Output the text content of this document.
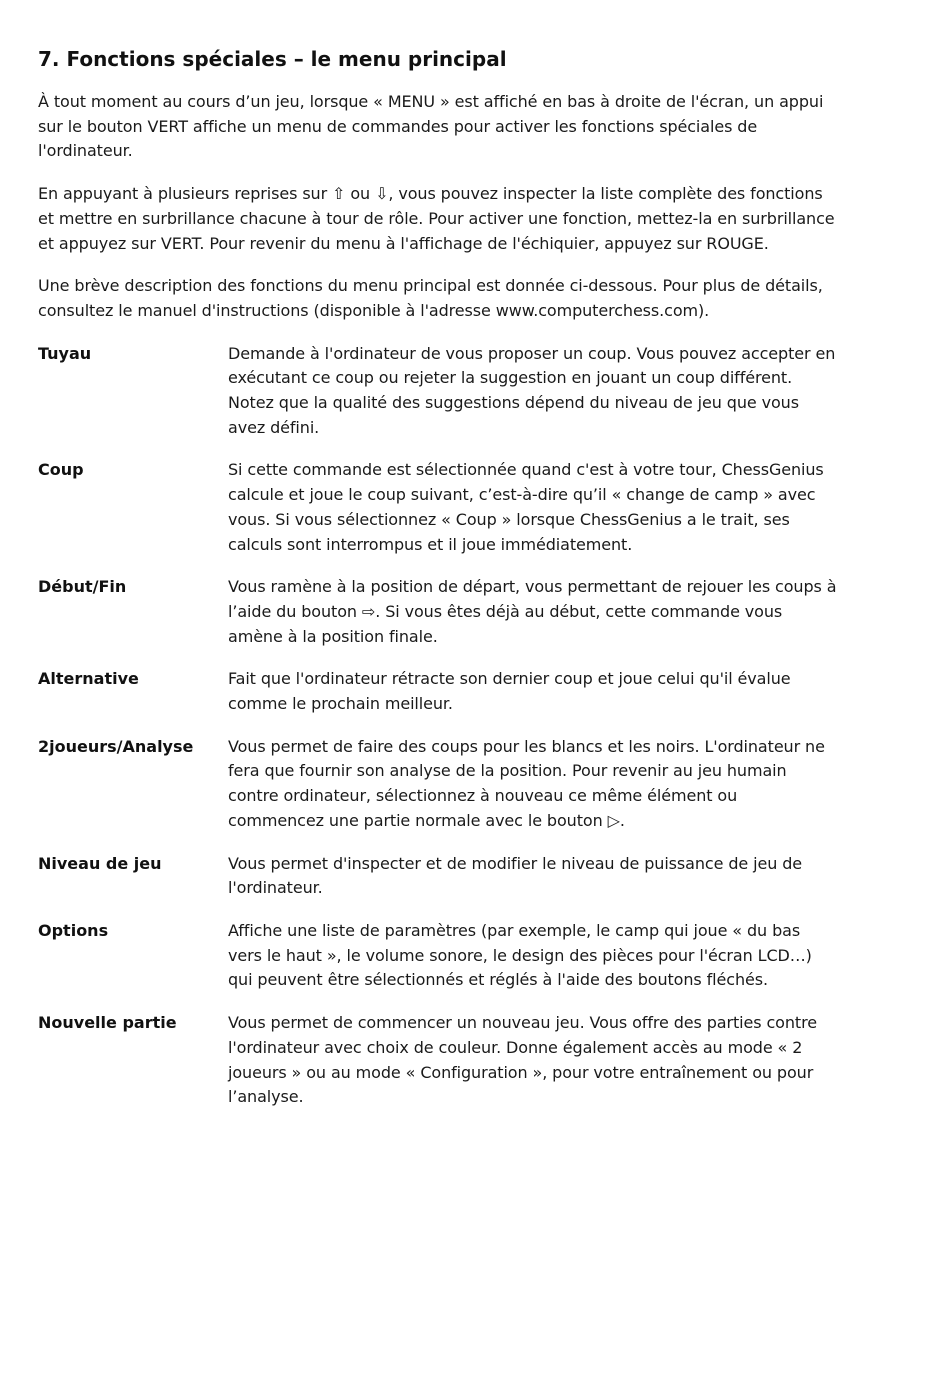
7. Fonctions spéciales – le menu principal

À tout moment au cours d’un jeu, lorsque « MENU » est affiché en bas à droite de l'écran, un appui sur le bouton VERT affiche un menu de commandes pour activer les fonctions spéciales de l'ordinateur.

En appuyant à plusieurs reprises sur ⇧ ou ⇩, vous pouvez inspecter la liste complète des fonctions et mettre en surbrillance chacune à tour de rôle. Pour activer une fonction, mettez-la en surbrillance et appuyez sur VERT. Pour revenir du menu à l'affichage de l'échiquier, appuyez sur ROUGE.

Une brève description des fonctions du menu principal est donnée ci-dessous. Pour plus de détails, consultez le manuel d'instructions (disponible à l'adresse www.computerchess.com).

Tuyau	Demande à l'ordinateur de vous proposer un coup. Vous pouvez accepter en exécutant ce coup ou rejeter la suggestion en jouant un coup différent. Notez que la qualité des suggestions dépend du niveau de jeu que vous avez défini.
Coup	Si cette commande est sélectionnée quand c'est à votre tour, ChessGenius calcule et joue le coup suivant, c’est-à-dire qu’il « change de camp » avec vous. Si vous sélectionnez « Coup » lorsque ChessGenius a le trait, ses calculs sont interrompus et il joue immédiatement.
Début/Fin	Vous ramène à la position de départ, vous permettant de rejouer les coups à l’aide du bouton ⇨. Si vous êtes déjà au début, cette commande vous amène à la position finale.
Alternative	Fait que l'ordinateur rétracte son dernier coup et joue celui qu'il évalue comme le prochain meilleur.
2joueurs/Analyse	Vous permet de faire des coups pour les blancs et les noirs. L'ordinateur ne fera que fournir son analyse de la position. Pour revenir au jeu humain contre ordinateur, sélectionnez à nouveau ce même élément ou commencez une partie normale avec le bouton ▷.
Niveau de jeu	Vous permet d'inspecter et de modifier le niveau de puissance de jeu de l'ordinateur.
Options	Affiche une liste de paramètres (par exemple, le camp qui joue « du bas vers le haut », le volume sonore, le design des pièces pour l'écran LCD…) qui peuvent être sélectionnés et réglés à l'aide des boutons fléchés.
Nouvelle partie	Vous permet de commencer un nouveau jeu. Vous offre des parties contre l'ordinateur avec choix de couleur. Donne également accès au mode « 2 joueurs » ou au mode « Configuration », pour votre entraînement ou pour l’analyse.
